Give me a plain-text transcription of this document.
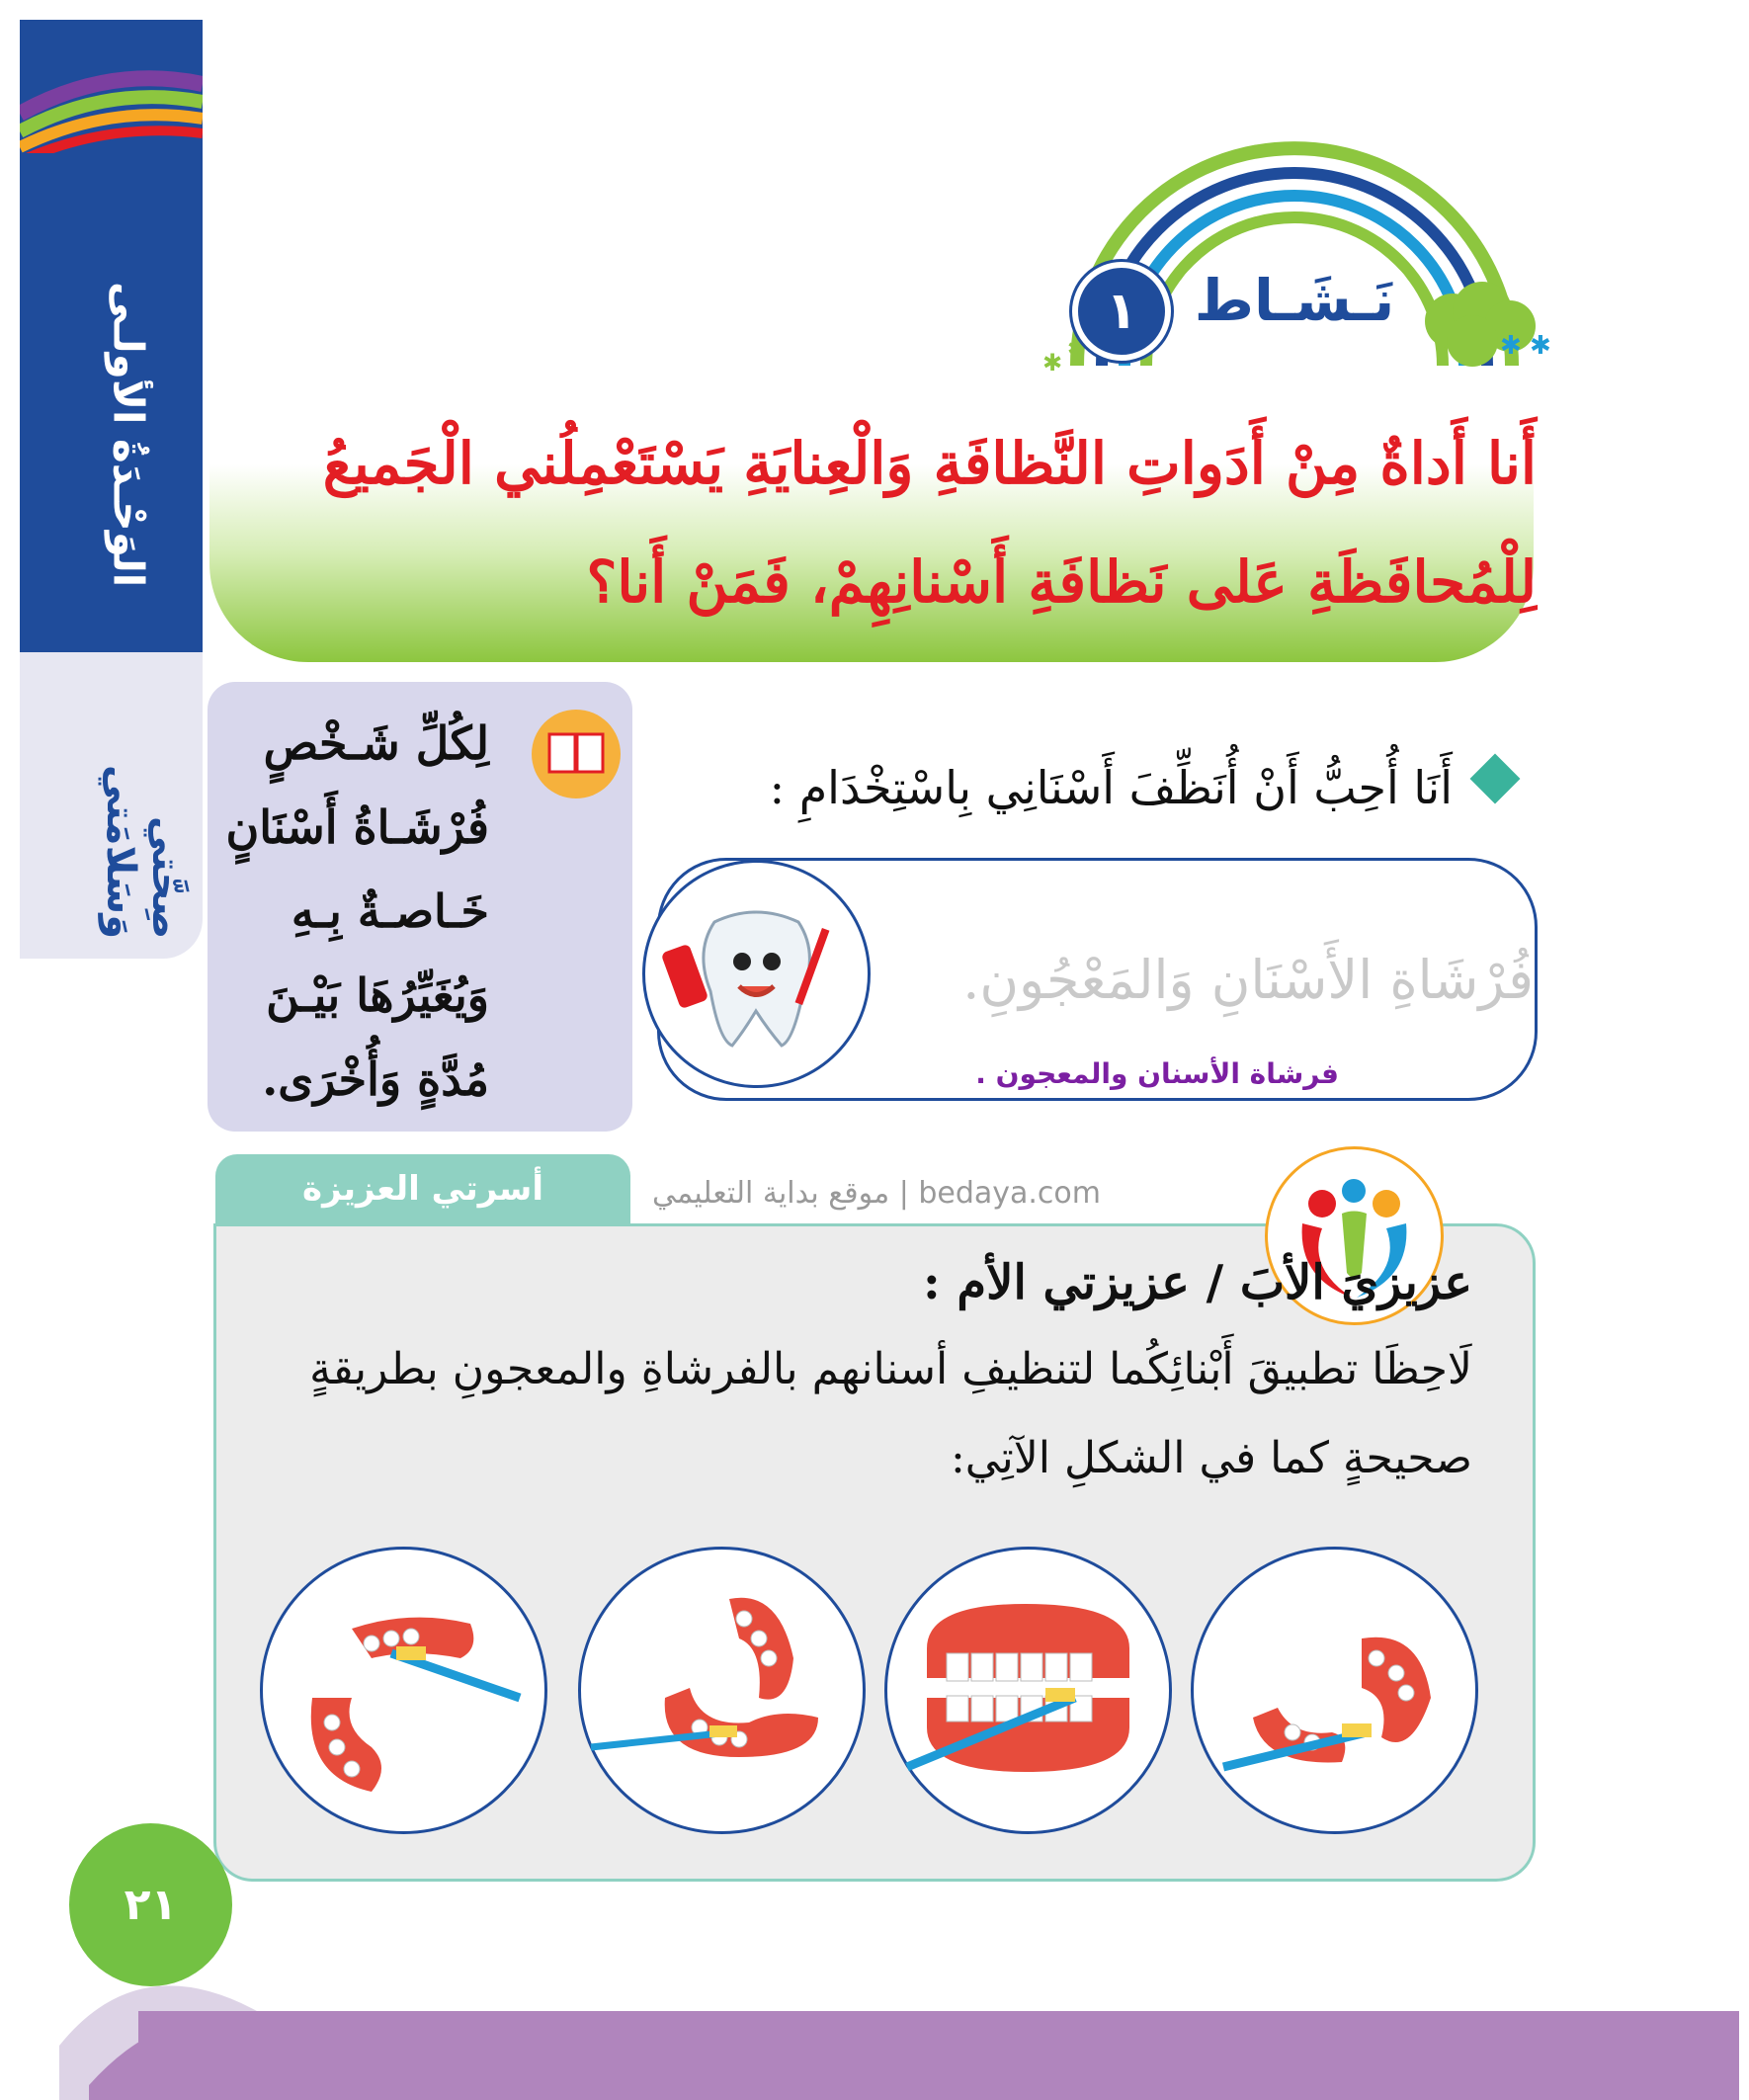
الوَحْـدَةُ الأولـى
صِحَّتي وَسَلامَتي
✱ ✱
✱ ✱
نَـشَـاط
١
أَنا أَداةٌ مِنْ أَدَواتِ النَّظافَةِ وَالْعِنايَةِ يَسْتَعْمِلُني الْجَميعُ
لِلْمُحافَظَةِ عَلى نَظافَةِ أَسْنانِهِمْ، فَمَنْ أَنا؟
لِكُلِّ شَـخْصٍ
فُرْشَـاةُ أَسْنَانٍ
خَـاصـةٌ بِـهِ
وَيُغَيِّرُهَا بَيْـنَ
مُدَّةٍ وَأُخْرَى.
أَنَا أُحِبُّ أَنْ أُنَظِّفَ أَسْنَانِي بِاسْتِخْدَامِ :
فُرْشَاةِ الأَسْنَانِ وَالمَعْجُونِ.
فرشاة الأسنان والمعجون .
أسرتي العزيزة	موقع بداية التعليمي | bedaya.com
عزيزيَ الأبَ / عزيزتي الأم :
لَاحِظَا تطبيقَ أَبْنائِكُما لتنظيفِ أسنانهم بالفرشاةِ والمعجونِ بطريقةٍ
صحيحةٍ كما في الشكلِ الآتِي:
٢١
